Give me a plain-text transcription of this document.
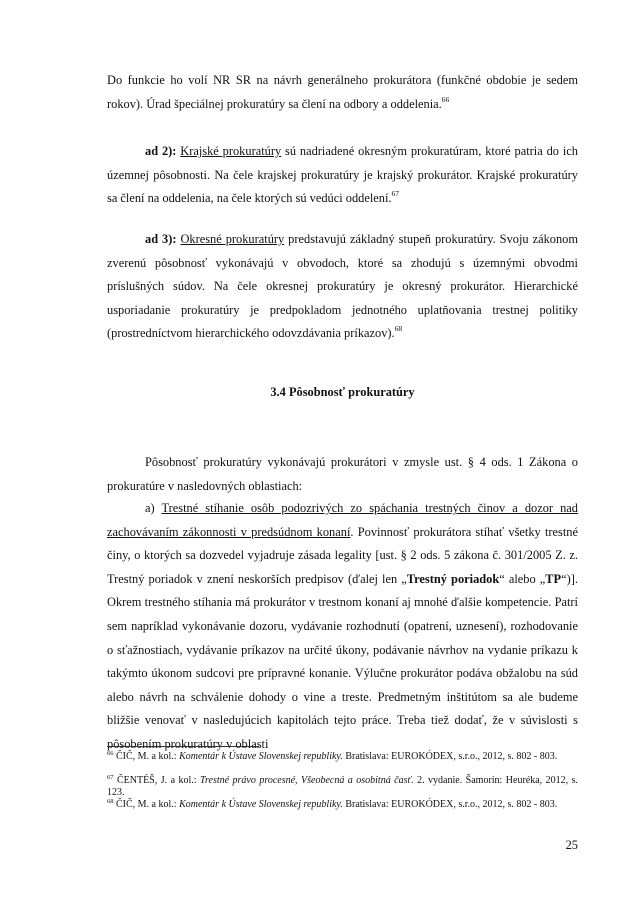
Do funkcie ho volí NR SR na návrh generálneho prokurátora (funkčné obdobie je sedem rokov). Úrad špeciálnej prokuratúry sa člení na odbory a oddelenia.$^{66}$

ad 2): Krajské prokuratúry sú nadriadené okresným prokuratúram, ktoré patria do ich územnej pôsobnosti. Na čele krajskej prokuratúry je krajský prokurátor. Krajské prokuratúry sa člení na oddelenia, na čele ktorých sú vedúci oddelení.$^{67}$

ad 3): Okresné prokuratúry predstavujú základný stupeň prokuratúry. Svoju zákonom zverenú pôsobnosť vykonávajú v obvodoch, ktoré sa zhodujú s územnými obvodmi príslušných súdov. Na čele okresnej prokuratúry je okresný prokurátor. Hierarchické usporiadanie prokuratúry je predpokladom jednotného uplatňovania trestnej politiky (prostredníctvom hierarchického odovzdávania príkazov).$^{68}$

3.4 Pôsobnosť prokuratúry

Pôsobnosť prokuratúry vykonávajú prokurátori v zmysle ust. § 4 ods. 1 Zákona o prokuratúre v nasledovných oblastiach:

a) Trestné stíhanie osôb podozrivých zo spáchania trestných činov a dozor nad zachovávaním zákonnosti v predsúdnom konaní. Povinnosť prokurátora stíhať všetky trestné činy, o ktorých sa dozvedel vyjadruje zásada legality [ust. § 2 ods. 5 zákona č. 301/2005 Z. z. Trestný poriadok v znení neskorších predpisov (ďalej len „Trestný poriadok“ alebo „TP“)]. Okrem trestného stíhania má prokurátor v trestnom konaní aj mnohé ďalšie kompetencie. Patrí sem napríklad vykonávanie dozoru, vydávanie rozhodnutí (opatrení, uznesení), rozhodovanie o sťažnostiach, vydávanie príkazov na určité úkony, podávanie návrhov na vydanie príkazu k takýmto úkonom sudcovi pre prípravné konanie. Výlučne prokurátor podáva obžalobu na súd alebo návrh na schválenie dohody o vine a treste. Predmetným inštitútom sa ale budeme bližšie venovať v nasledujúcich kapitolách tejto práce. Treba tiež dodať, že v súvislosti s pôsobením prokuratúry v oblasti

$^{66}$ ČIČ, M. a kol.: Komentár k Ústave Slovenskej republiky. Bratislava: EUROKÓDEX, s.r.o., 2012, s. 802 - 803.

$^{67}$ ČENTÉŠ, J. a kol.: Trestné právo procesné, Všeobecná a osobitná časť. 2. vydanie. Šamorín: Heuréka, 2012, s. 123.

$^{68}$ ČIČ, M. a kol.: Komentár k Ústave Slovenskej republiky. Bratislava: EUROKÓDEX, s.r.o., 2012, s. 802 - 803.

25
